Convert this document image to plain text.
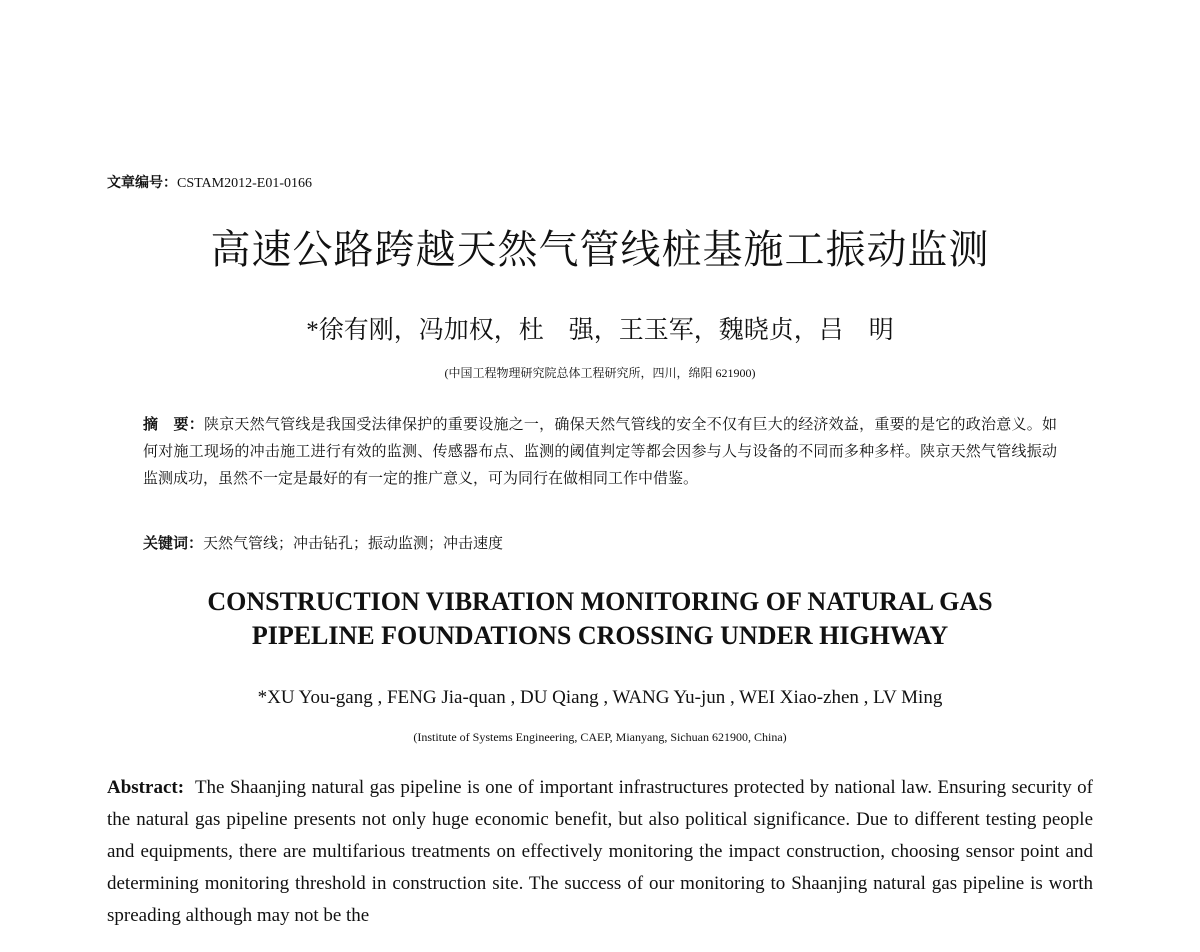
文章编号：CSTAM2012-E01-0166
高速公路跨越天然气管线桩基施工振动监测
*徐有刚，冯加权，杜　强，王玉军，魏晓贞，吕　明
(中国工程物理研究院总体工程研究所，四川，绵阳 621900)
摘　要：陕京天然气管线是我国受法律保护的重要设施之一，确保天然气管线的安全不仅有巨大的经济效益，重要的是它的政治意义。如何对施工现场的冲击施工进行有效的监测、传感器布点、监测的阈值判定等都会因参与人与设备的不同而多种多样。陕京天然气管线振动监测成功，虽然不一定是最好的有一定的推广意义，可为同行在做相同工作中借鉴。
关键词：天然气管线；冲击钻孔；振动监测；冲击速度
CONSTRUCTION VIBRATION MONITORING OF NATURAL GAS
PIPELINE FOUNDATIONS CROSSING UNDER HIGHWAY
*XU You-gang , FENG Jia-quan , DU Qiang , WANG Yu-jun , WEI Xiao-zhen , LV Ming
(Institute of Systems Engineering, CAEP, Mianyang, Sichuan 621900, China)
Abstract: The Shaanjing natural gas pipeline is one of important infrastructures protected by national law. Ensuring security of the natural gas pipeline presents not only huge economic benefit, but also political significance. Due to different testing people and equipments, there are multifarious treatments on effectively monitoring the impact construction, choosing sensor point and determining monitoring threshold in construction site. The success of our monitoring to Shaanjing natural gas pipeline is worth spreading although may not be the
